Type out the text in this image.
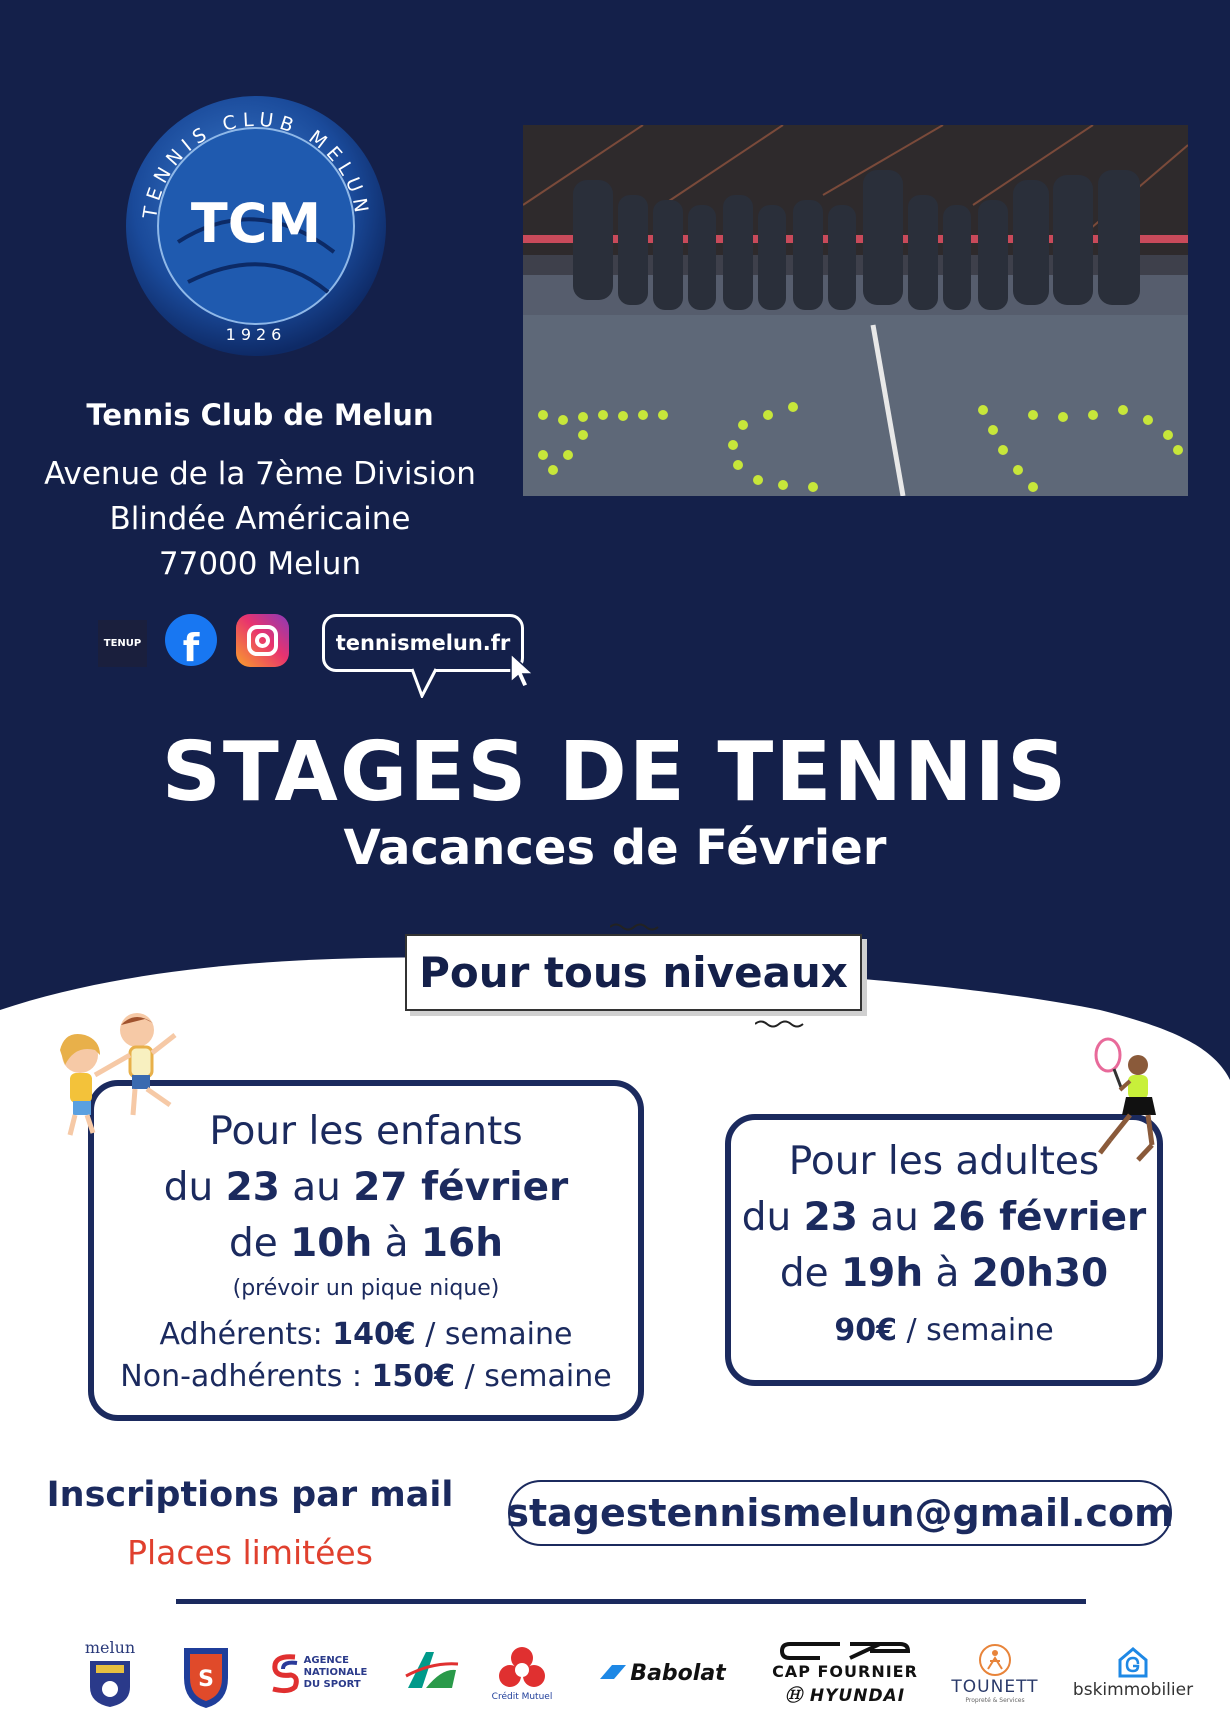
TENNIS CLUB MELUN
TCM
1926
Tennis Club de Melun
Avenue de la 7ème Division
Blindée Américaine
77000 Melun
TENUP f	tennismelun.fr
STAGES DE TENNIS
Vacances de Février
Pour tous niveaux
Pour les enfants
du 23 au 27 février
de 10h à 16h
(prévoir un pique nique)
Adhérents: 140€ / semaine
Non-adhérents : 150€ / semaine
Pour les adultes
du 23 au 26 février
de 19h à 20h30
90€ / semaine
Inscriptions par mail
Places limitées
stagestennismelun@gmail.com
melun
S
AGENCE
NATIONALE
DU SPORT
Crédit Mutuel
Babolat	CAP FOURNIER
Ⓗ HYUNDAI	TOUNETT
Propreté & Services	bskimmobilier
